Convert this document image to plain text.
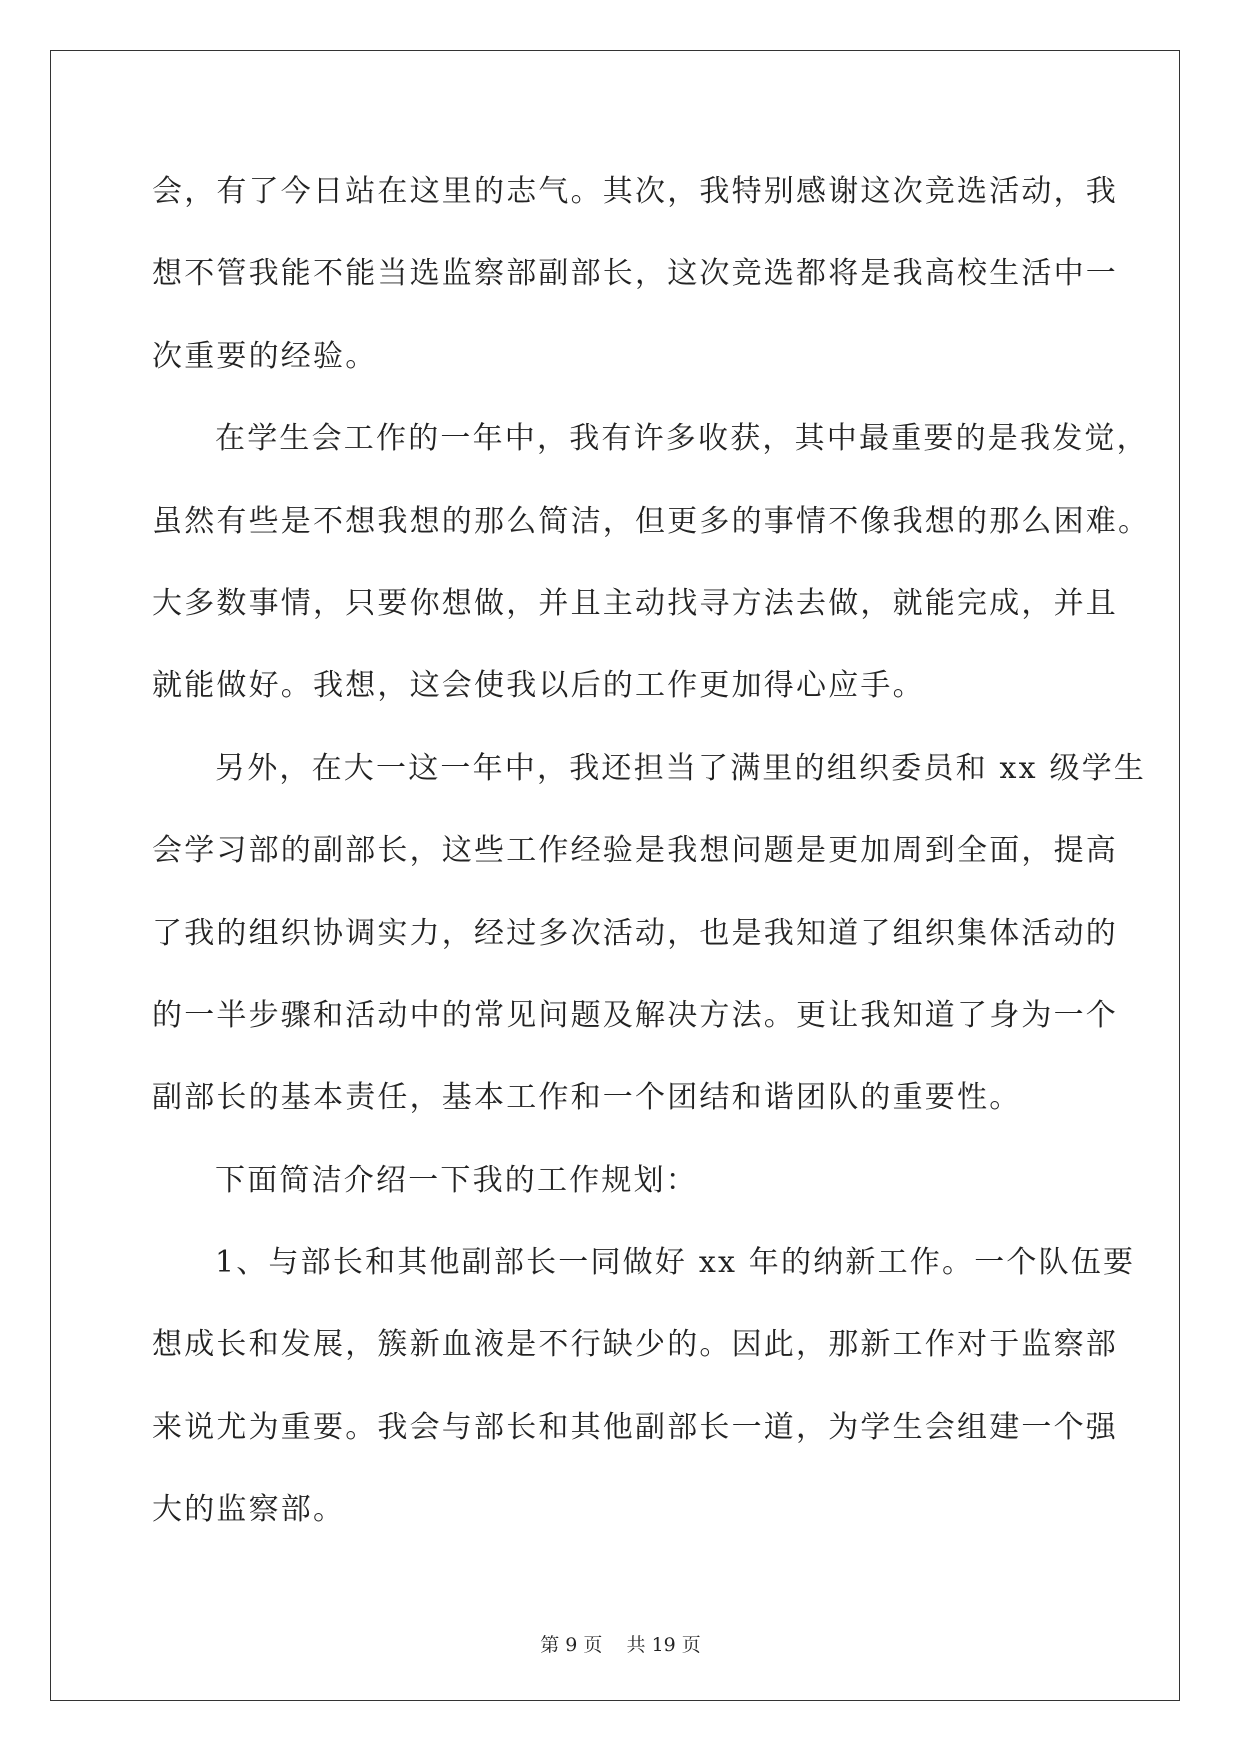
会，有了今日站在这里的志气。其次，我特别感谢这次竞选活动，我
想不管我能不能当选监察部副部长，这次竞选都将是我高校生活中一
次重要的经验。
在学生会工作的一年中，我有许多收获，其中最重要的是我发觉，
虽然有些是不想我想的那么简洁，但更多的事情不像我想的那么困难。
大多数事情，只要你想做，并且主动找寻方法去做，就能完成，并且
就能做好。我想，这会使我以后的工作更加得心应手。
另外，在大一这一年中，我还担当了满里的组织委员和 xx 级学生
会学习部的副部长，这些工作经验是我想问题是更加周到全面，提高
了我的组织协调实力，经过多次活动，也是我知道了组织集体活动的
的一半步骤和活动中的常见问题及解决方法。更让我知道了身为一个
副部长的基本责任，基本工作和一个团结和谐团队的重要性。
下面简洁介绍一下我的工作规划：
1、与部长和其他副部长一同做好 xx 年的纳新工作。一个队伍要
想成长和发展，簇新血液是不行缺少的。因此，那新工作对于监察部
来说尤为重要。我会与部长和其他副部长一道，为学生会组建一个强
大的监察部。
第 9 页    共 19 页
